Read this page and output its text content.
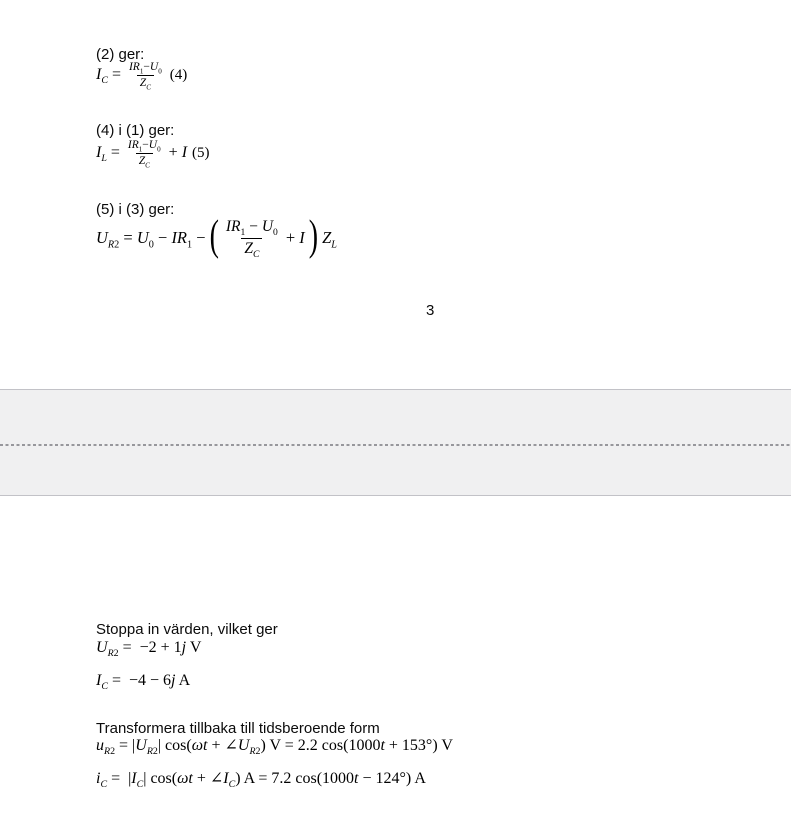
(2) ger:

$I_C = \frac{IR_1-U_0}{Z_C} (4)$

(4) i (1) ger:

$I_L = \frac{IR_1-U_0}{Z_C} + I$ (5)

(5) i (3) ger:

$U_{R2} = U_0 - IR_1$ − ( $\frac{IR_1 - U_0}{Z_C} + I$ ) $Z_L$
3

Stoppa in värden, vilket ger

$U_{R2} = -2 + 1j$ V
$I_C = -4 - 6j$ A

Transformera tillbaka till tidsberoende form

$u_{R2} = |U_{R2}|$ $\cos(\omega t + \angle U_{R2})$ V = 2.2 cos(1000t + 153°) V
$i_C = |I_C|$ $\cos(\omega t + \angle I_C)$ A = 7.2 cos(1000t − 124°) A
